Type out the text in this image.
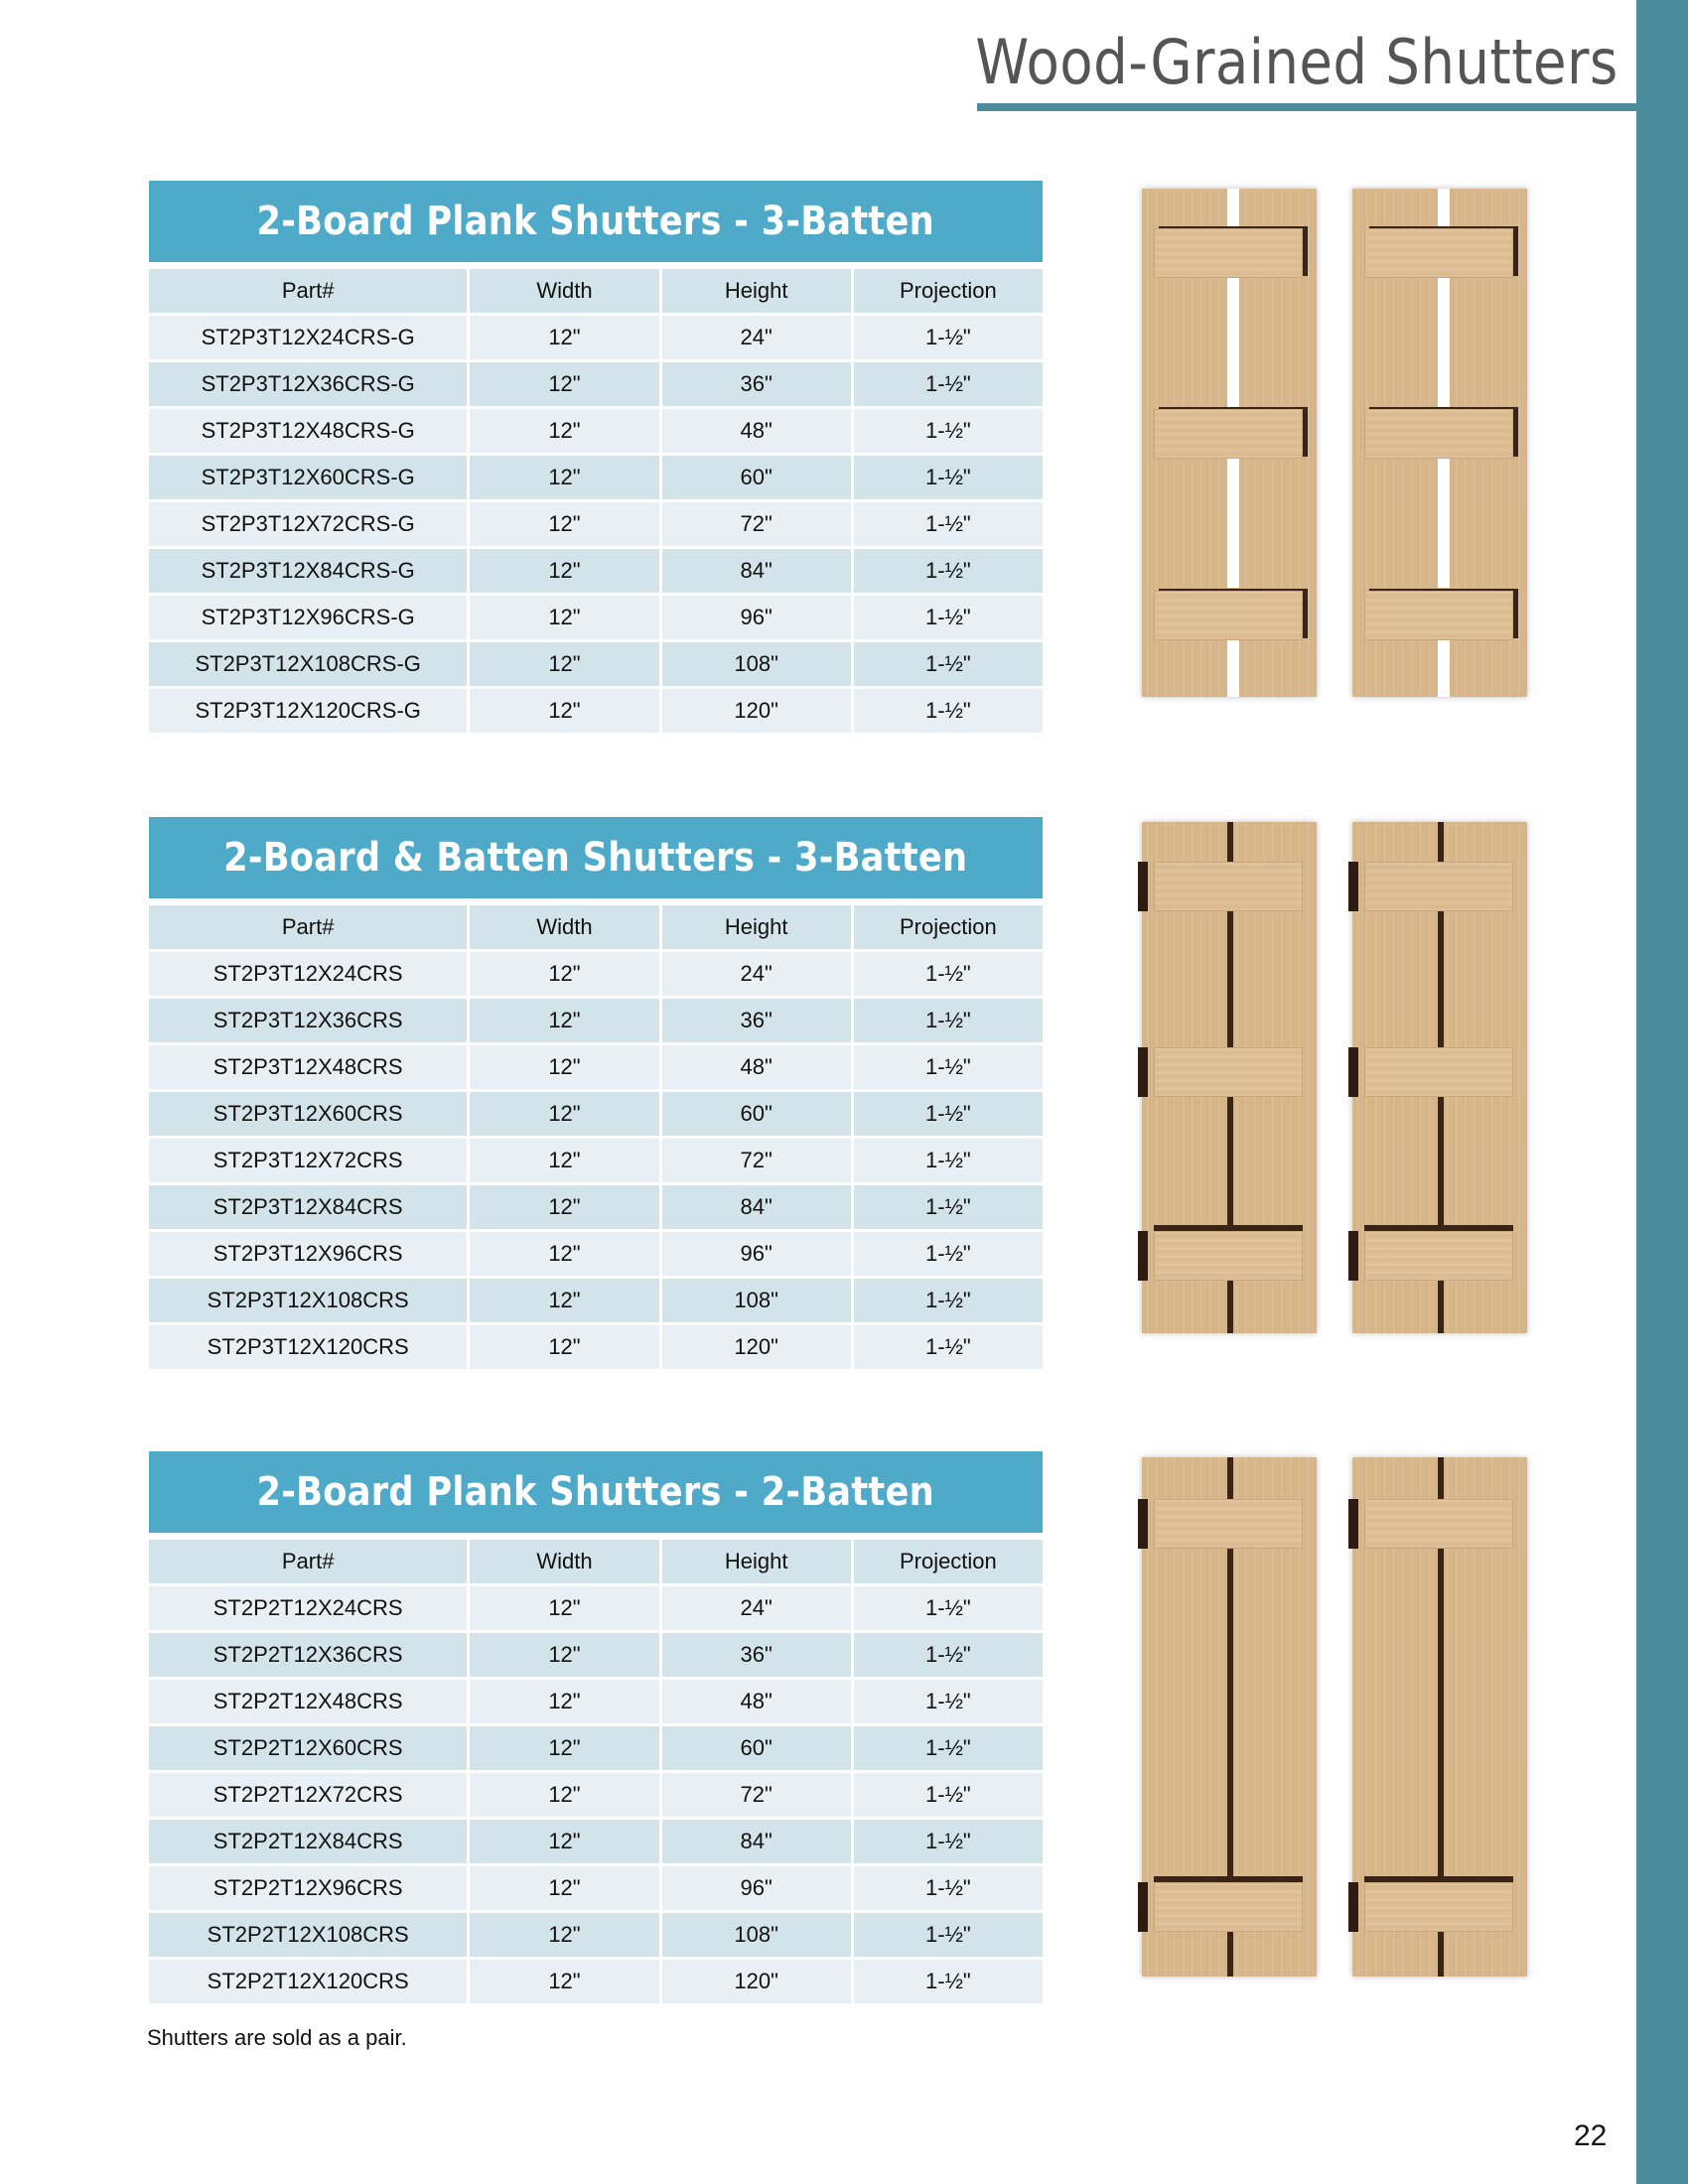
Wood-Grained Shutters
2-Board Plank Shutters - 3-Batten
Part#	Width	Height	Projection
ST2P3T12X24CRS-G	12"	24"	1-½"
ST2P3T12X36CRS-G	12"	36"	1-½"
ST2P3T12X48CRS-G	12"	48"	1-½"
ST2P3T12X60CRS-G	12"	60"	1-½"
ST2P3T12X72CRS-G	12"	72"	1-½"
ST2P3T12X84CRS-G	12"	84"	1-½"
ST2P3T12X96CRS-G	12"	96"	1-½"
ST2P3T12X108CRS-G	12"	108"	1-½"
ST2P3T12X120CRS-G	12"	120"	1-½"
2-Board & Batten Shutters - 3-Batten
Part#	Width	Height	Projection
ST2P3T12X24CRS	12"	24"	1-½"
ST2P3T12X36CRS	12"	36"	1-½"
ST2P3T12X48CRS	12"	48"	1-½"
ST2P3T12X60CRS	12"	60"	1-½"
ST2P3T12X72CRS	12"	72"	1-½"
ST2P3T12X84CRS	12"	84"	1-½"
ST2P3T12X96CRS	12"	96"	1-½"
ST2P3T12X108CRS	12"	108"	1-½"
ST2P3T12X120CRS	12"	120"	1-½"
2-Board Plank Shutters - 2-Batten
Part#	Width	Height	Projection
ST2P2T12X24CRS	12"	24"	1-½"
ST2P2T12X36CRS	12"	36"	1-½"
ST2P2T12X48CRS	12"	48"	1-½"
ST2P2T12X60CRS	12"	60"	1-½"
ST2P2T12X72CRS	12"	72"	1-½"
ST2P2T12X84CRS	12"	84"	1-½"
ST2P2T12X96CRS	12"	96"	1-½"
ST2P2T12X108CRS	12"	108"	1-½"
ST2P2T12X120CRS	12"	120"	1-½"
Shutters are sold as a pair.
22
